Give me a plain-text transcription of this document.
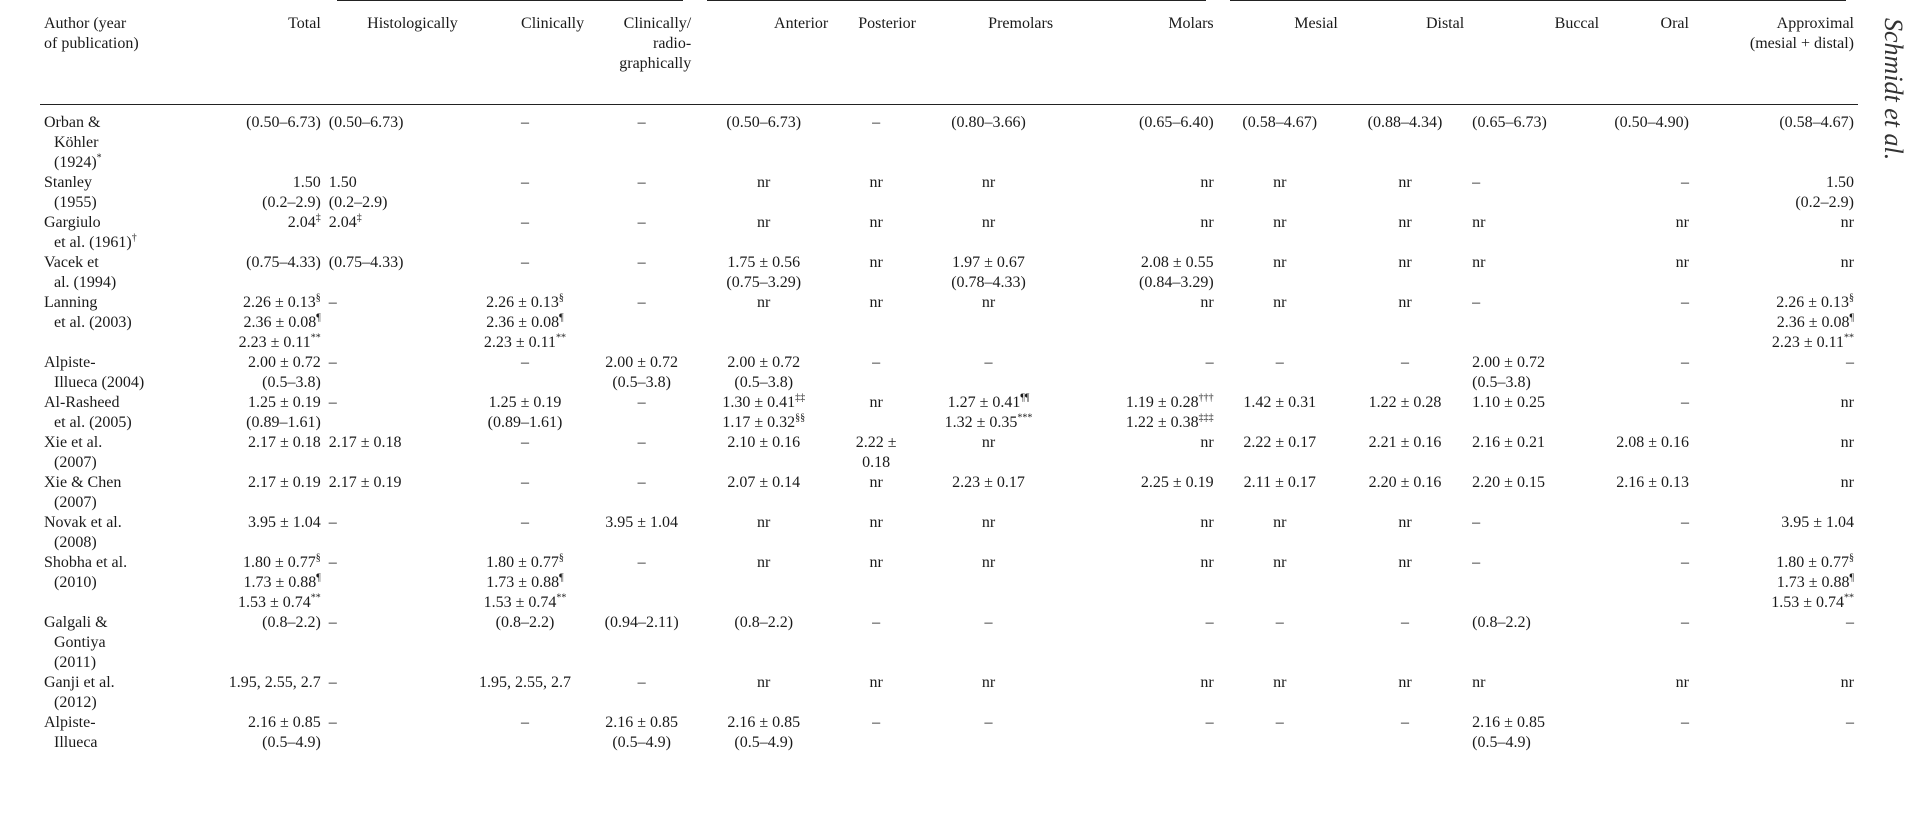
Schmidt et al.

Author (year
of publication)	Total	Histologically	Clinically	Clinically/
radio-
graphically	Anterior	Posterior	Premolars	Molars	Mesial	Distal	Buccal	Oral	Approximal
(mesial + distal)

Orban &
Köhler
(1924)*	(0.50–6.73)	(0.50–6.73)	–	–	(0.50–6.73)	–	(0.80–3.66)	(0.65–6.40)	(0.58–4.67)	(0.88–4.34)	(0.65–6.73)	(0.50–4.90)	(0.58–4.67)

Stanley
(1955)	1.50
(0.2–2.9)	1.50
(0.2–2.9)	–	–	nr	nr	nr	nr	nr	nr	–	–	1.50
(0.2–2.9)

Gargiulo
et al. (1961)†	2.04‡	2.04‡	–	–	nr	nr	nr	nr	nr	nr	nr	nr	nr

Vacek et
al. (1994)	(0.75–4.33)	(0.75–4.33)	–	–	1.75 ± 0.56
(0.75–3.29)	nr	1.97 ± 0.67
(0.78–4.33)	2.08 ± 0.55
(0.84–3.29)	nr	nr	nr	nr	nr

Lanning
et al. (2003)	2.26 ± 0.13§
2.36 ± 0.08¶
2.23 ± 0.11**	–	2.26 ± 0.13§
2.36 ± 0.08¶
2.23 ± 0.11**	–	nr	nr	nr	nr	nr	nr	–	–	2.26 ± 0.13§
2.36 ± 0.08¶
2.23 ± 0.11**

Alpiste-
Illueca (2004)	2.00 ± 0.72
(0.5–3.8)	–	–	2.00 ± 0.72
(0.5–3.8)	2.00 ± 0.72
(0.5–3.8)	–	–	–	–	–	2.00 ± 0.72
(0.5–3.8)	–	–

Al-Rasheed
et al. (2005)	1.25 ± 0.19
(0.89–1.61)	–	1.25 ± 0.19
(0.89–1.61)	–	1.30 ± 0.41‡‡
1.17 ± 0.32§§	nr	1.27 ± 0.41¶¶
1.32 ± 0.35***	1.19 ± 0.28†††
1.22 ± 0.38‡‡‡	1.42 ± 0.31	1.22 ± 0.28	1.10 ± 0.25	–	nr

Xie et al.
(2007)	2.17 ± 0.18	2.17 ± 0.18	–	–	2.10 ± 0.16	2.22 ±
0.18	nr	nr	2.22 ± 0.17	2.21 ± 0.16	2.16 ± 0.21	2.08 ± 0.16	nr

Xie & Chen
(2007)	2.17 ± 0.19	2.17 ± 0.19	–	–	2.07 ± 0.14	nr	2.23 ± 0.17	2.25 ± 0.19	2.11 ± 0.17	2.20 ± 0.16	2.20 ± 0.15	2.16 ± 0.13	nr

Novak et al.
(2008)	3.95 ± 1.04	–	–	3.95 ± 1.04	nr	nr	nr	nr	nr	nr	–	–	3.95 ± 1.04

Shobha et al.
(2010)	1.80 ± 0.77§
1.73 ± 0.88¶
1.53 ± 0.74**	–	1.80 ± 0.77§
1.73 ± 0.88¶
1.53 ± 0.74**	–	nr	nr	nr	nr	nr	nr	–	–	1.80 ± 0.77§
1.73 ± 0.88¶
1.53 ± 0.74**

Galgali &
Gontiya
(2011)	(0.8–2.2)	–	(0.8–2.2)	(0.94–2.11)	(0.8–2.2)	–	–	–	–	–	(0.8–2.2)	–	–

Ganji et al.
(2012)	1.95, 2.55, 2.7	–	1.95, 2.55, 2.7	–	nr	nr	nr	nr	nr	nr	nr	nr	nr

Alpiste-
Illueca	2.16 ± 0.85
(0.5–4.9)	–	–	2.16 ± 0.85
(0.5–4.9)	2.16 ± 0.85
(0.5–4.9)	–	–	–	–	–	2.16 ± 0.85
(0.5–4.9)	–	–
